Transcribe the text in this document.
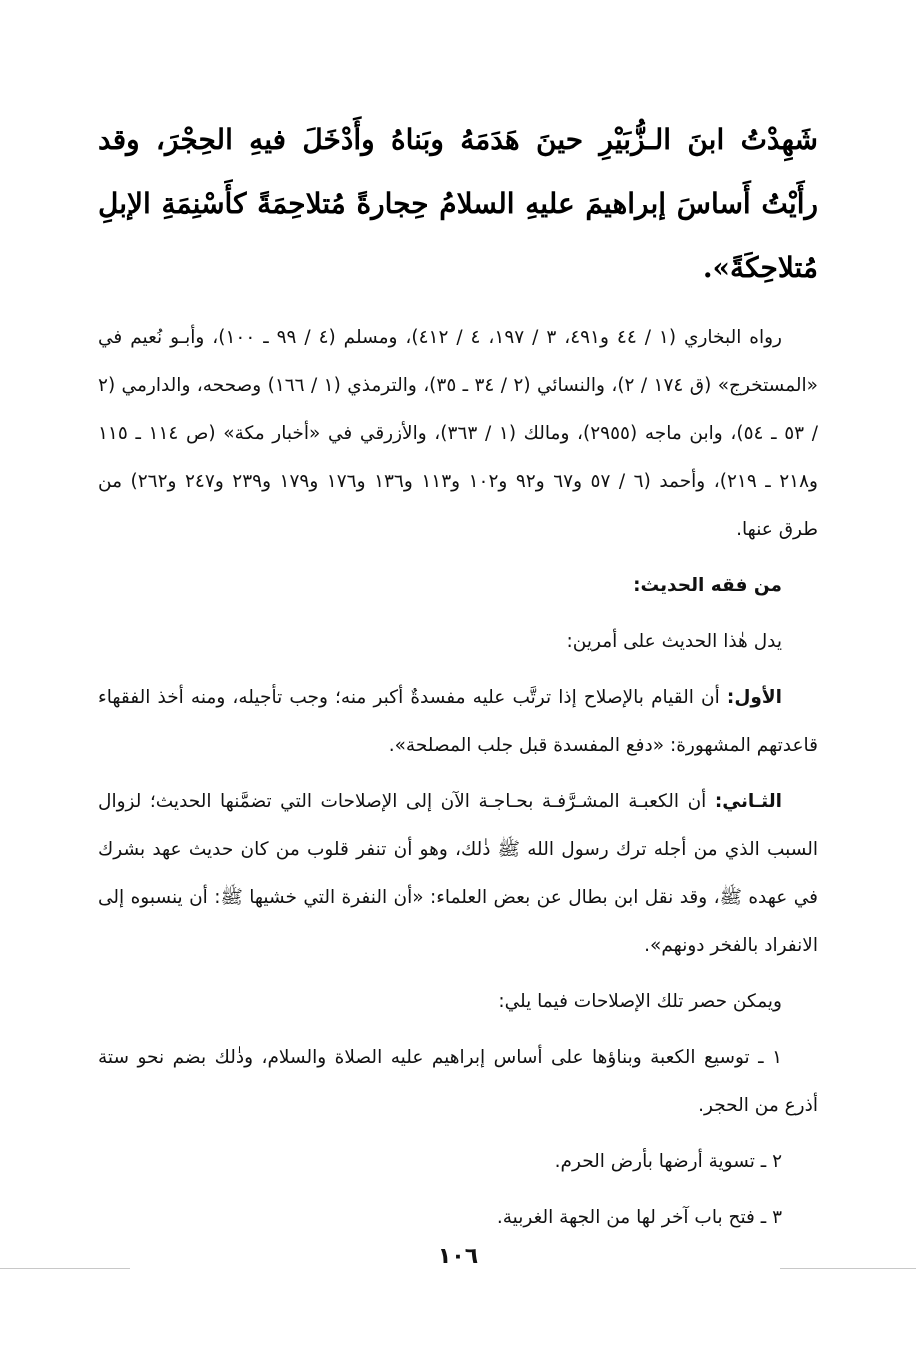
شَهِدْتُ ابنَ الـزُّبَيْرِ حينَ هَدَمَهُ وبَناهُ وأَدْخَلَ فيهِ الحِجْرَ، وقد رأَيْتُ أَساسَ إبراهيمَ عليهِ السلامُ حِجارةً مُتلاحِمَةً كأَسْنِمَةِ الإبلِ مُتلاحِكَةً».

رواه البخاري (١ / ٤٤ و٤٩١، ٣ / ١٩٧، ٤ / ٤١٢)، ومسلم (٤ / ٩٩ ـ ١٠٠)، وأبـو نُعيم في «المستخرج» (ق ١٧٤ / ٢)، والنسائي (٢ / ٣٤ ـ ٣٥)، والترمذي (١ / ١٦٦) وصححه، والدارمي (٢ / ٥٣ ـ ٥٤)، وابن ماجه (٢٩٥٥)، ومالك (١ / ٣٦٣)، والأزرقي في «أخبار مكة» (ص ١١٤ ـ ١١٥ و٢١٨ ـ ٢١٩)، وأحمد (٦ / ٥٧ و٦٧ و٩٢ و١٠٢ و١١٣ و١٣٦ و١٧٦ و١٧٩ و٢٣٩ و٢٤٧ و٢٦٢) من طرق عنها.

من فقه الحديث:

يدل هٰذا الحديث على أمرين:

الأول: أن القيام بالإصلاح إذا ترتَّب عليه مفسدةٌ أكبر منه؛ وجب تأجيله، ومنه أخذ الفقهاء قاعدتهم المشهورة: «دفع المفسدة قبل جلب المصلحة».

الثـاني: أن الكعبـة المشـرَّفـة بحـاجـة الآن إلى الإصلاحات التي تضمَّنها الحديث؛ لزوال السبب الذي من أجله ترك رسول الله ﷺ ذٰلك، وهو أن تنفر قلوب من كان حديث عهد بشرك في عهده ﷺ، وقد نقل ابن بطال عن بعض العلماء: «أن النفرة التي خشيها ﷺ: أن ينسبوه إلى الانفراد بالفخر دونهم».

ويمكن حصر تلك الإصلاحات فيما يلي:

١ ـ توسيع الكعبة وبناؤها على أساس إبراهيم عليه الصلاة والسلام، وذٰلك بضم نحو ستة أذرع من الحجر.

٢ ـ تسوية أرضها بأرض الحرم.

٣ ـ فتح باب آخر لها من الجهة الغربية.

١٠٦
